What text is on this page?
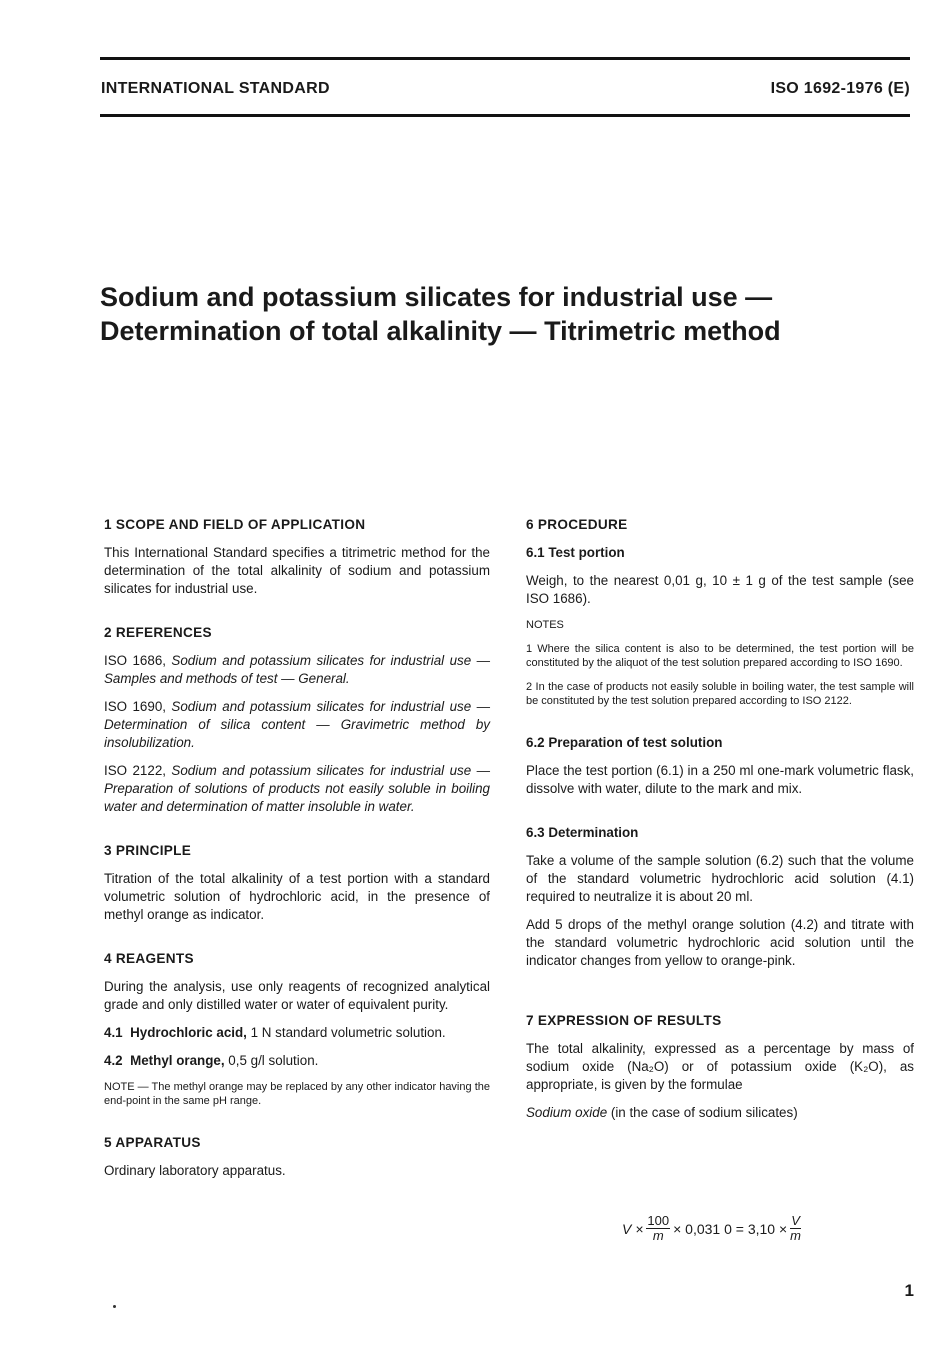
INTERNATIONAL STANDARD	ISO 1692-1976 (E)
Sodium and potassium silicates for industrial use —
Determination of total alkalinity — Titrimetric method
1 SCOPE AND FIELD OF APPLICATION

This International Standard specifies a titrimetric method for the determination of the total alkalinity of sodium and potassium silicates for industrial use.

2 REFERENCES

ISO 1686, Sodium and potassium silicates for industrial use — Samples and methods of test — General.

ISO 1690, Sodium and potassium silicates for industrial use — Determination of silica content — Gravimetric method by insolubilization.

ISO 2122, Sodium and potassium silicates for industrial use — Preparation of solutions of products not easily soluble in boiling water and determination of matter insoluble in water.

3 PRINCIPLE

Titration of the total alkalinity of a test portion with a standard volumetric solution of hydrochloric acid, in the presence of methyl orange as indicator.

4 REAGENTS

During the analysis, use only reagents of recognized analytical grade and only distilled water or water of equivalent purity.

4.1 Hydrochloric acid, 1 N standard volumetric solution.

4.2 Methyl orange, 0,5 g/l solution.

NOTE — The methyl orange may be replaced by any other indicator having the end-point in the same pH range.

5 APPARATUS

Ordinary laboratory apparatus.

6 PROCEDURE
6.1 Test portion

Weigh, to the nearest 0,01 g, 10 ± 1 g of the test sample (see ISO 1686).

NOTES

1 Where the silica content is also to be determined, the test portion will be constituted by the aliquot of the test solution prepared according to ISO 1690.

2 In the case of products not easily soluble in boiling water, the test sample will be constituted by the test solution prepared according to ISO 2122.

6.2 Preparation of test solution

Place the test portion (6.1) in a 250 ml one-mark volumetric flask, dissolve with water, dilute to the mark and mix.

6.3 Determination

Take a volume of the sample solution (6.2) such that the volume of the standard volumetric hydrochloric acid solution (4.1) required to neutralize it is about 20 ml.

Add 5 drops of the methyl orange solution (4.2) and titrate with the standard volumetric hydrochloric acid solution until the indicator changes from yellow to orange-pink.

7 EXPRESSION OF RESULTS

The total alkalinity, expressed as a percentage by mass of sodium oxide (Na₂O) or of potassium oxide (K₂O), as appropriate, is given by the formulae

Sodium oxide (in the case of sodium silicates)

$V \times \frac{100}{m} \times 0,031$ $0 = 3,10 \times \frac{V}{m}$
1
